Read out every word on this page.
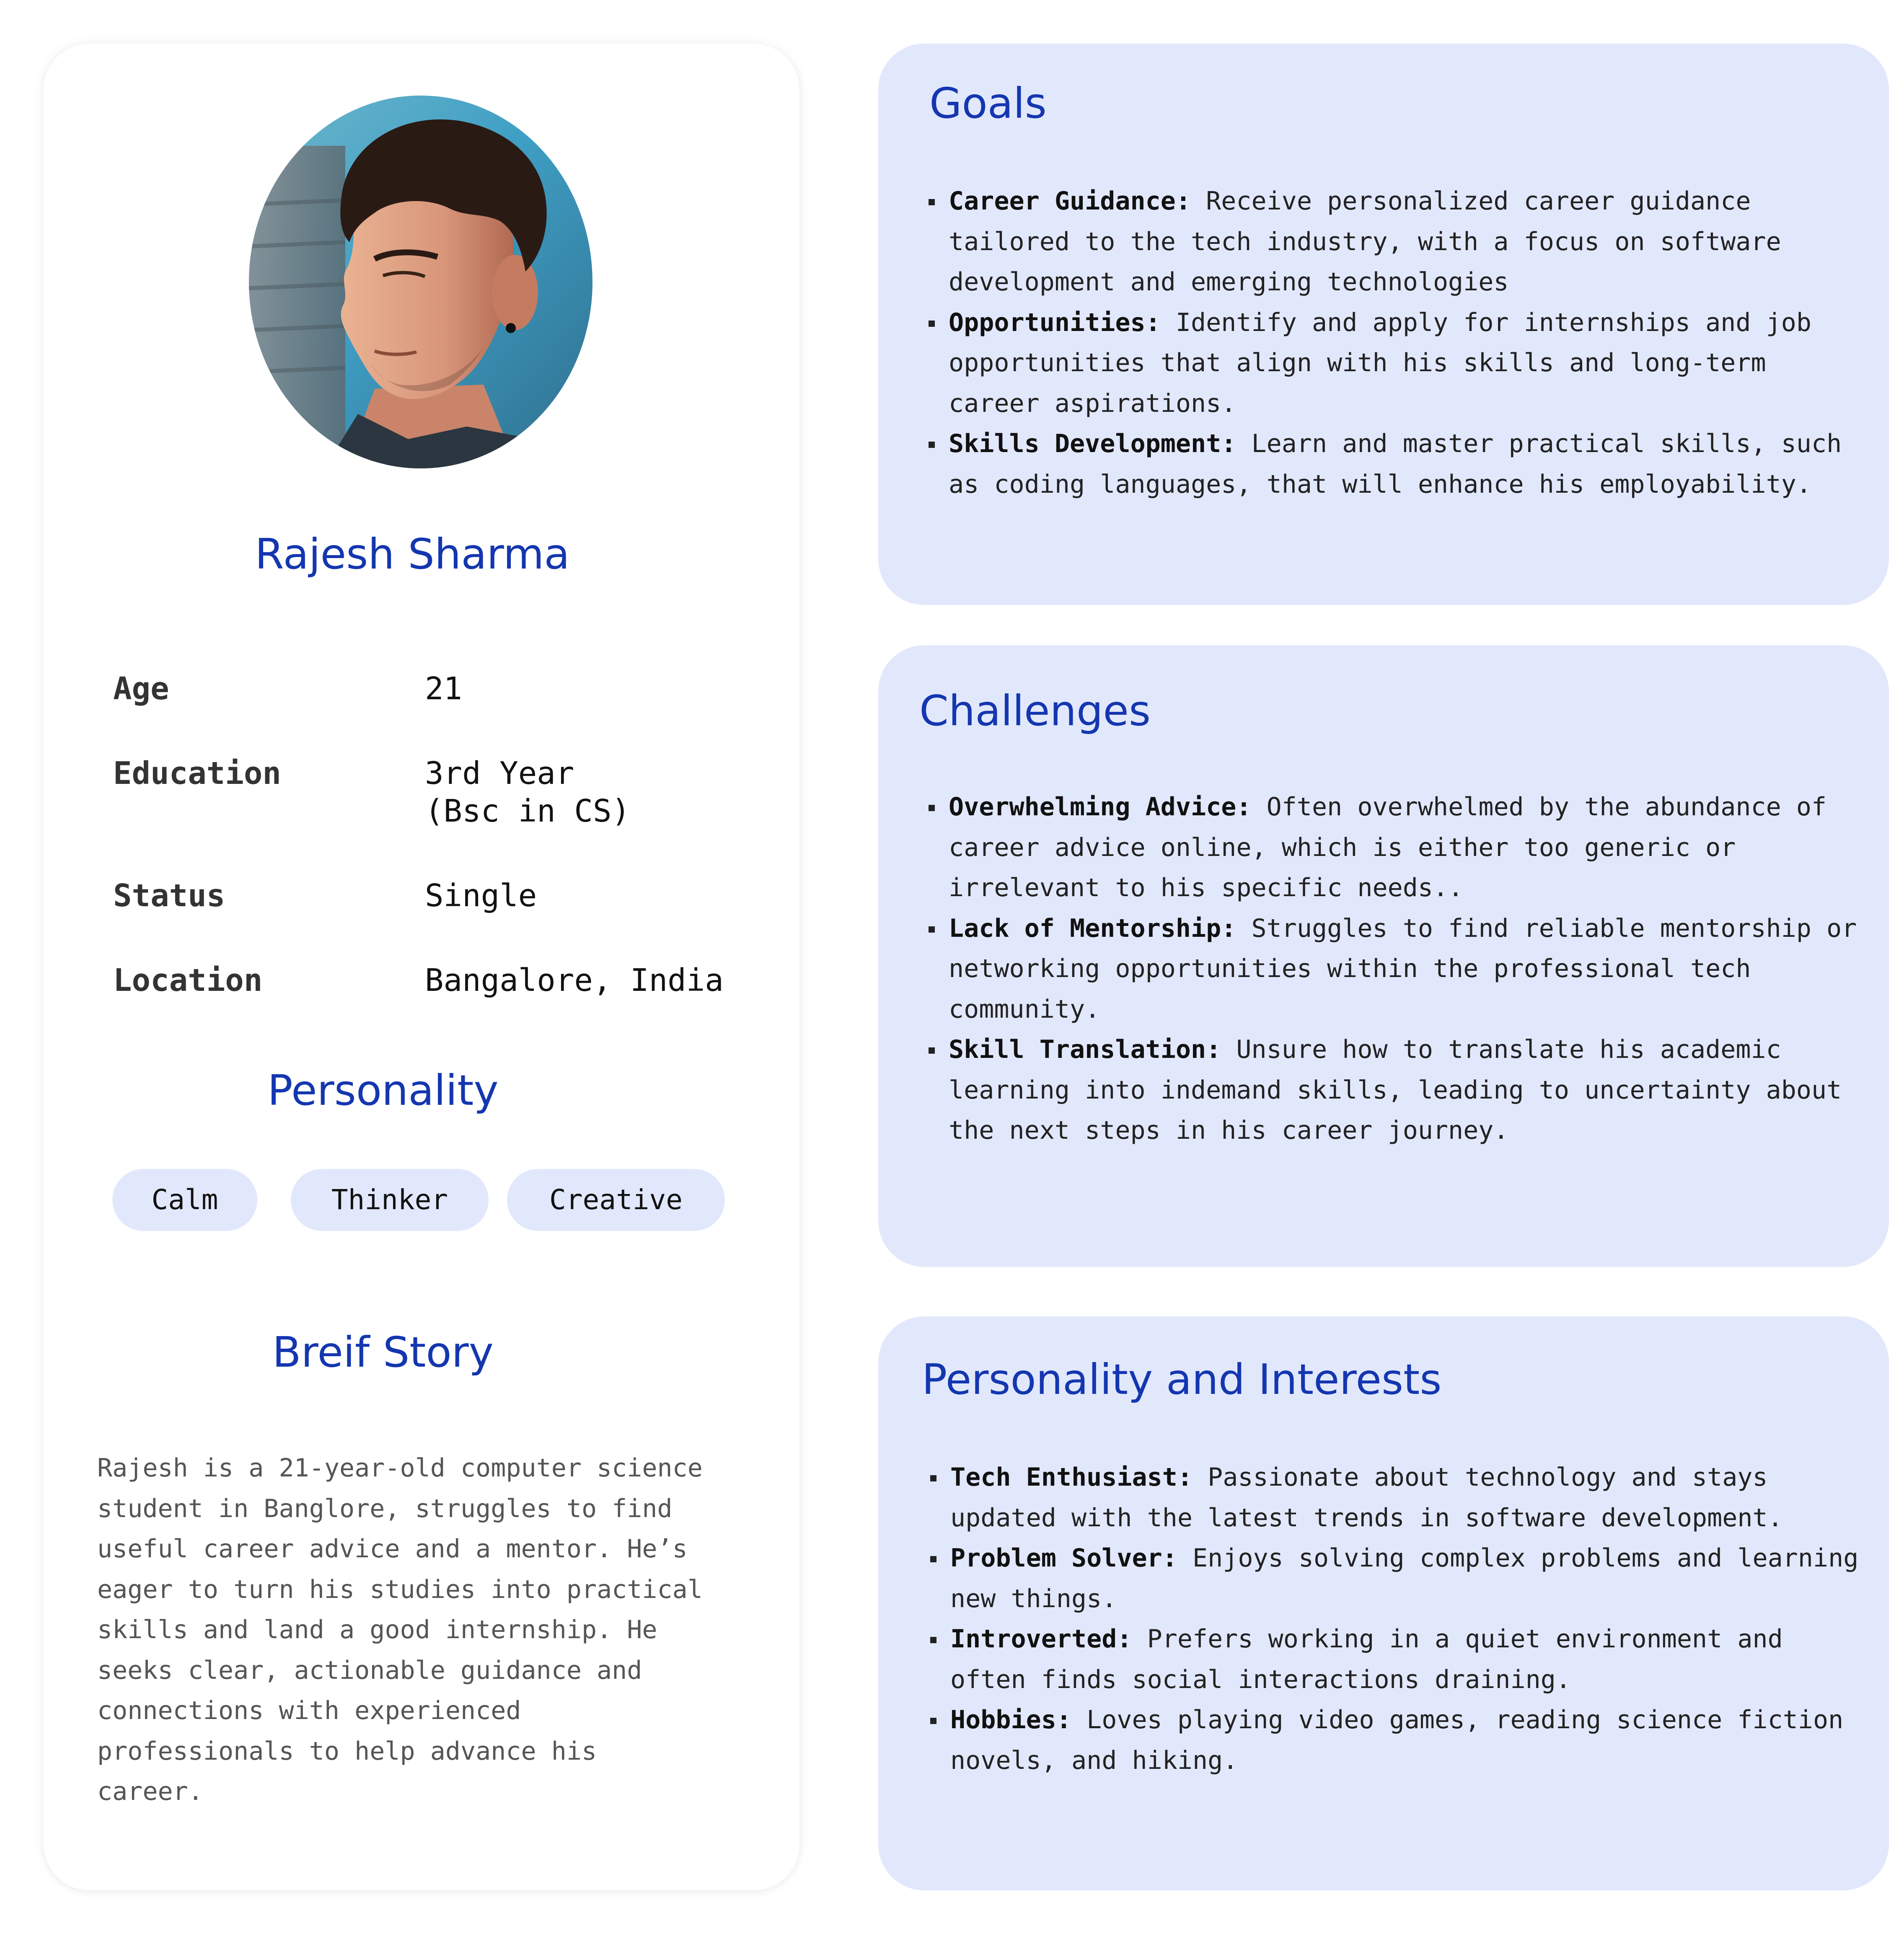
Rajesh Sharma
Age	21
Education	3rd Year
(Bsc in CS)
Status	Single
Location	Bangalore, India
Personality
Calm	Thinker	Creative
Breif Story
Rajesh is a 21-year-old computer science
student in Banglore, struggles to find
useful career advice and a mentor. He’s
eager to turn his studies into practical
skills and land a good internship. He
seeks clear, actionable guidance and
connections with experienced
professionals to help advance his
career.
Goals
Career Guidance: Receive personalized career guidance tailored to the tech industry, with a focus on software development and emerging technologies
Opportunities: Identify and apply for internships and job opportunities that align with his skills and long-term career aspirations.
Skills Development: Learn and master practical skills, such as coding languages, that will enhance his employability.
Challenges
Overwhelming Advice: Often overwhelmed by the abundance of career advice online, which is either too generic or irrelevant to his specific needs..
Lack of Mentorship: Struggles to find reliable mentorship or networking opportunities within the professional tech community.
Skill Translation: Unsure how to translate his academic learning into indemand skills, leading to uncertainty about the next steps in his career journey.
Personality and Interests
Tech Enthusiast: Passionate about technology and stays updated with the latest trends in software development.
Problem Solver: Enjoys solving complex problems and learning new things.
Introverted: Prefers working in a quiet environment and often finds social interactions draining.
Hobbies: Loves playing video games, reading science fiction novels, and hiking.
